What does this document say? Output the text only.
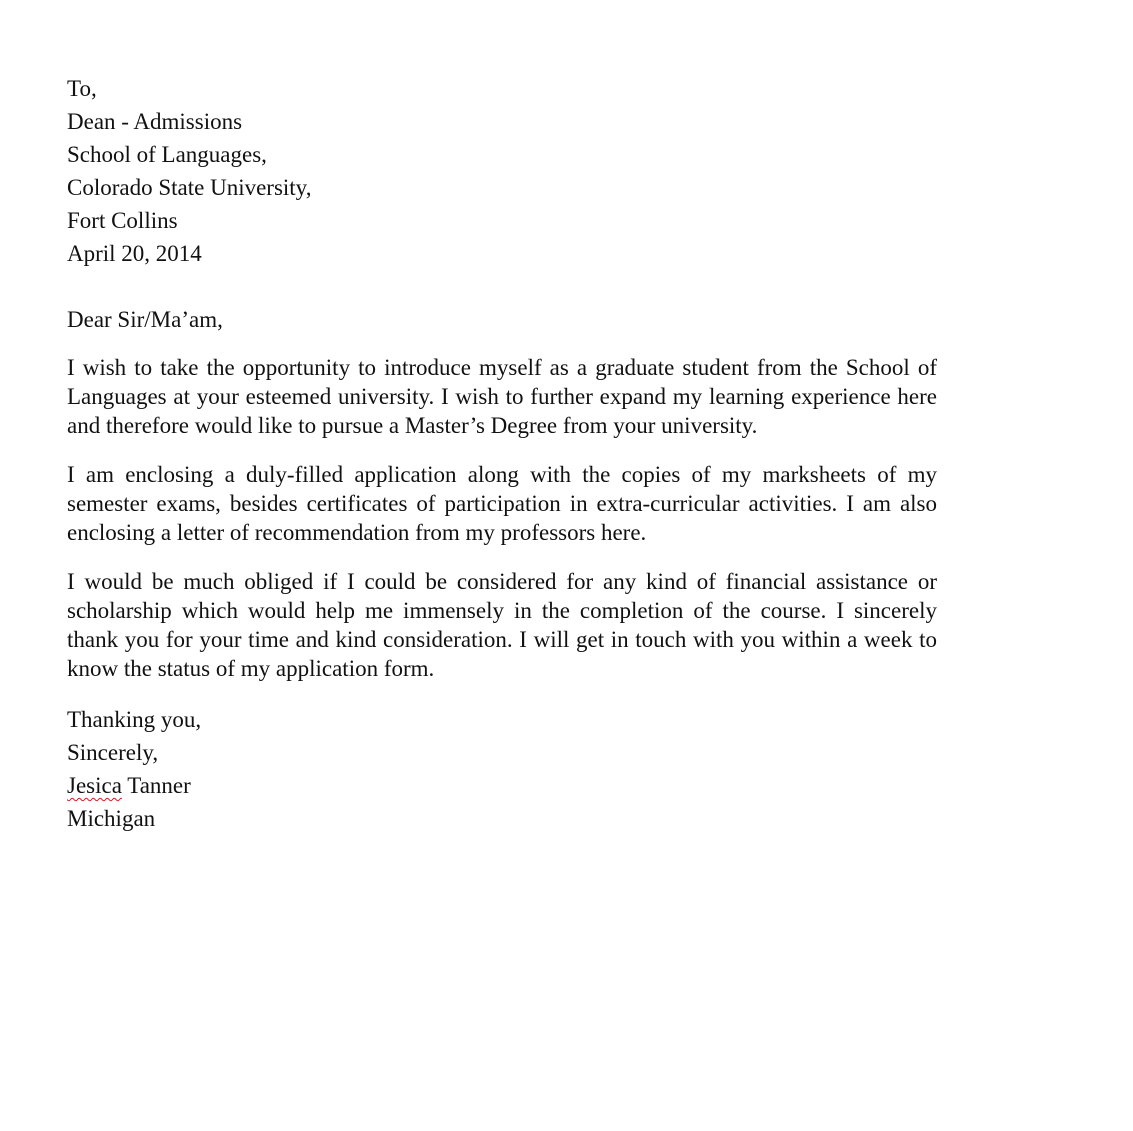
To,
Dean - Admissions
School of Languages,
Colorado State University,
Fort Collins
April 20, 2014
Dear Sir/Ma’am,

I wish to take the opportunity to introduce myself as a graduate student from the School of Languages at your esteemed university. I wish to further expand my learning experience here and therefore would like to pursue a Master’s Degree from your university.

I am enclosing a duly-filled application along with the copies of my marksheets of my semester exams, besides certificates of participation in extra-curricular activities. I am also enclosing a letter of recommendation from my professors here.

I would be much obliged if I could be considered for any kind of financial assistance or scholarship which would help me immensely in the completion of the course. I sincerely thank you for your time and kind consideration. I will get in touch with you within a week to know the status of my application form.

Thanking you,
Sincerely,
Jesica Tanner
Michigan
